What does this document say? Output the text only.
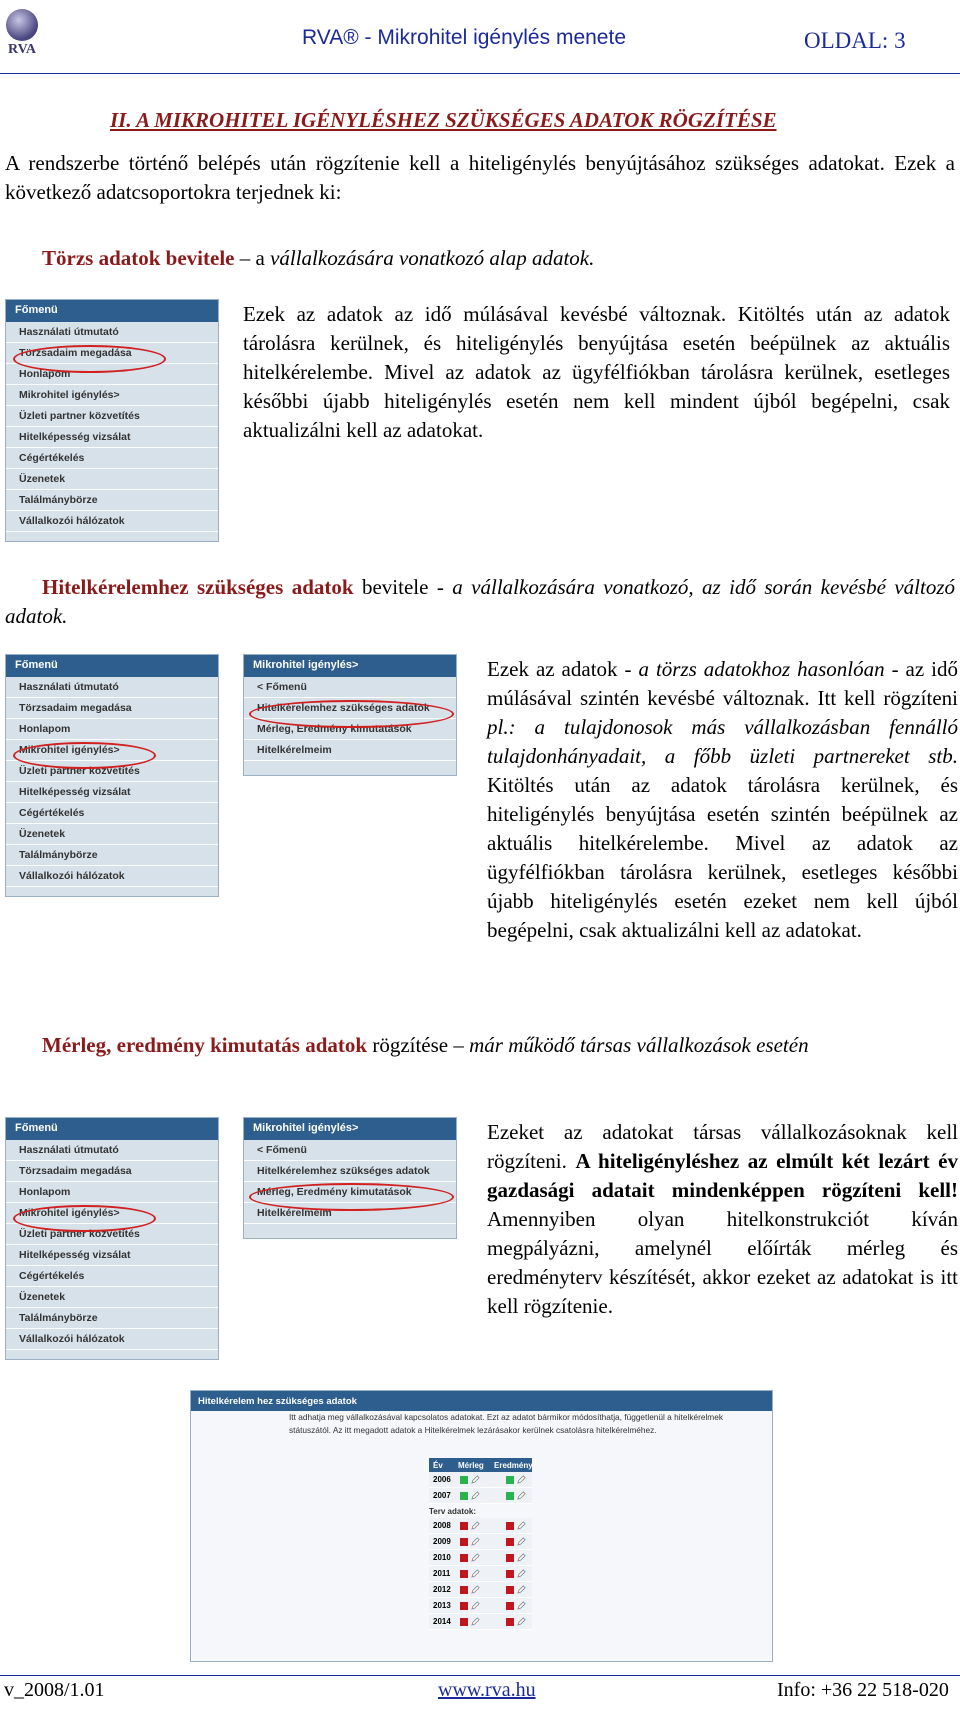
RVA
RVA® - Mikrohitel igénylés menete	OLDAL: 3
II. A MIKROHITEL IGÉNYLÉSHEZ SZÜKSÉGES ADATOK RÖGZÍTÉSE
A rendszerbe történő belépés után rögzítenie kell a hiteligénylés benyújtásához szükséges adatokat. Ezek a következő adatcsoportokra terjednek ki:
Törzs adatok bevitele – a vállalkozására vonatkozó alap adatok.
Főmenü
Használati útmutató
Törzsadaim megadása
Honlapom
Mikrohitel igénylés>
Üzleti partner közvetítés
Hitelképesség vizsálat
Cégértékelés
Üzenetek
Találmánybörze
Vállalkozói hálózatok
Ezek az adatok az idő múlásával kevésbé változnak. Kitöltés után az adatok tárolásra kerülnek, és hiteligénylés benyújtása esetén beépülnek az aktuális hitelkérelembe. Mivel az adatok az ügyfélfiókban tárolásra kerülnek, esetleges későbbi újabb hiteligénylés esetén nem kell mindent újból begépelni, csak aktualizálni kell az adatokat.
Hitelkérelemhez szükséges adatok bevitele - a vállalkozására vonatkozó, az idő során kevésbé változó adatok.
Főmenü
Használati útmutató
Törzsadaim megadása
Honlapom
Mikrohitel igénylés>
Üzleti partner közvetítés
Hitelképesség vizsálat
Cégértékelés
Üzenetek
Találmánybörze
Vállalkozói hálózatok
Mikrohitel igénylés>
< Főmenü
Hitelkérelemhez szükséges adatok
Mérleg, Eredmény kimutatások
Hitelkérelmeim
Ezek az adatok - a törzs adatokhoz hasonlóan - az idő múlásával szintén kevésbé változnak. Itt kell rögzíteni pl.: a tulajdonosok más vállalkozásban fennálló tulajdonhányadait, a főbb üzleti partnereket stb. Kitöltés után az adatok tárolásra kerülnek, és hiteligénylés benyújtása esetén szintén beépülnek az aktuális hitelkérelembe. Mivel az adatok az ügyfélfiókban tárolásra kerülnek, esetleges későbbi újabb hiteligénylés esetén ezeket nem kell újból begépelni, csak aktualizálni kell az adatokat.
Mérleg, eredmény kimutatás adatok rögzítése – már működő társas vállalkozások esetén
Főmenü
Használati útmutató
Törzsadaim megadása
Honlapom
Mikrohitel igénylés>
Üzleti partner közvetítés
Hitelképesség vizsálat
Cégértékelés
Üzenetek
Találmánybörze
Vállalkozói hálózatok
Mikrohitel igénylés>
< Főmenü
Hitelkérelemhez szükséges adatok
Mérleg, Eredmény kimutatások
Hitelkérelmeim
Ezeket az adatokat társas vállalkozásoknak kell rögzíteni. A hiteligényléshez az elmúlt két lezárt év gazdasági adatait mindenképpen rögzíteni kell! Amennyiben olyan hitelkonstrukciót kíván megpályázni, amelynél előírták mérleg és eredményterv készítését, akkor ezeket az adatokat is itt kell rögzítenie.
Hitelkérelem hez szükséges adatok
Itt adhatja meg vállalkozásával kapcsolatos adatokat. Ezt az adatot bármikor módosíthatja, függetlenül a hitelkérelmek státuszától. Az itt megadott adatok a Hitelkérelmek lezárásakor kerülnek csatolásra hitelkérelméhez.
Év	Mérleg	Eredmény
2006
2007
Terv adatok:
2008
2009
2010
2011
2012
2013
2014
v_2008/1.01	www.rva.hu	Info: +36 22 518-020
